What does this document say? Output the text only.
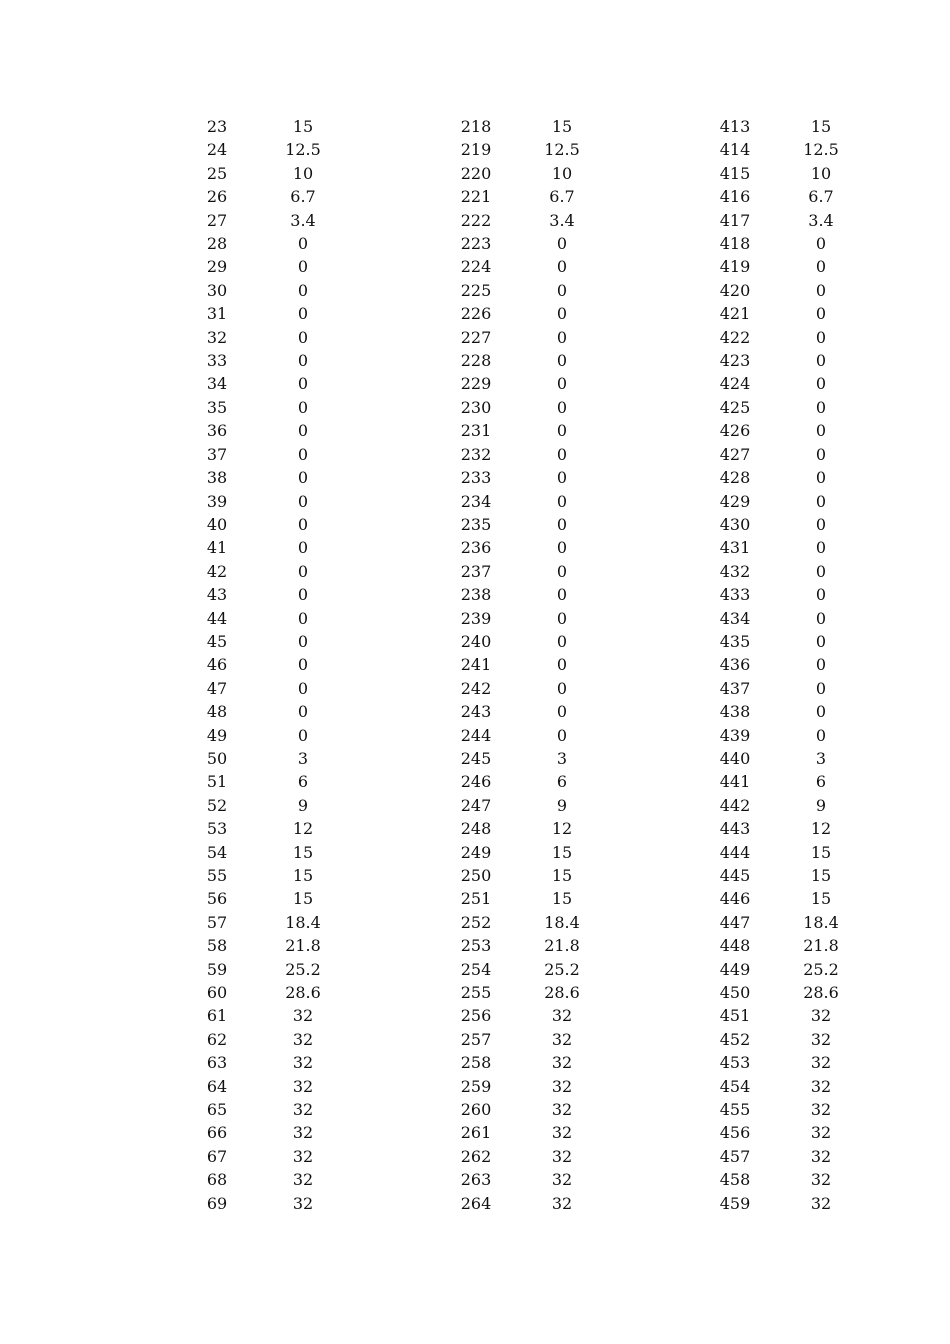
23	15		218	15		413	15
24	12.5		219	12.5		414	12.5
25	10		220	10		415	10
26	6.7		221	6.7		416	6.7
27	3.4		222	3.4		417	3.4
28	0		223	0		418	0
29	0		224	0		419	0
30	0		225	0		420	0
31	0		226	0		421	0
32	0		227	0		422	0
33	0		228	0		423	0
34	0		229	0		424	0
35	0		230	0		425	0
36	0		231	0		426	0
37	0		232	0		427	0
38	0		233	0		428	0
39	0		234	0		429	0
40	0		235	0		430	0
41	0		236	0		431	0
42	0		237	0		432	0
43	0		238	0		433	0
44	0		239	0		434	0
45	0		240	0		435	0
46	0		241	0		436	0
47	0		242	0		437	0
48	0		243	0		438	0
49	0		244	0		439	0
50	3		245	3		440	3
51	6		246	6		441	6
52	9		247	9		442	9
53	12		248	12		443	12
54	15		249	15		444	15
55	15		250	15		445	15
56	15		251	15		446	15
57	18.4		252	18.4		447	18.4
58	21.8		253	21.8		448	21.8
59	25.2		254	25.2		449	25.2
60	28.6		255	28.6		450	28.6
61	32		256	32		451	32
62	32		257	32		452	32
63	32		258	32		453	32
64	32		259	32		454	32
65	32		260	32		455	32
66	32		261	32		456	32
67	32		262	32		457	32
68	32		263	32		458	32
69	32		264	32		459	32
